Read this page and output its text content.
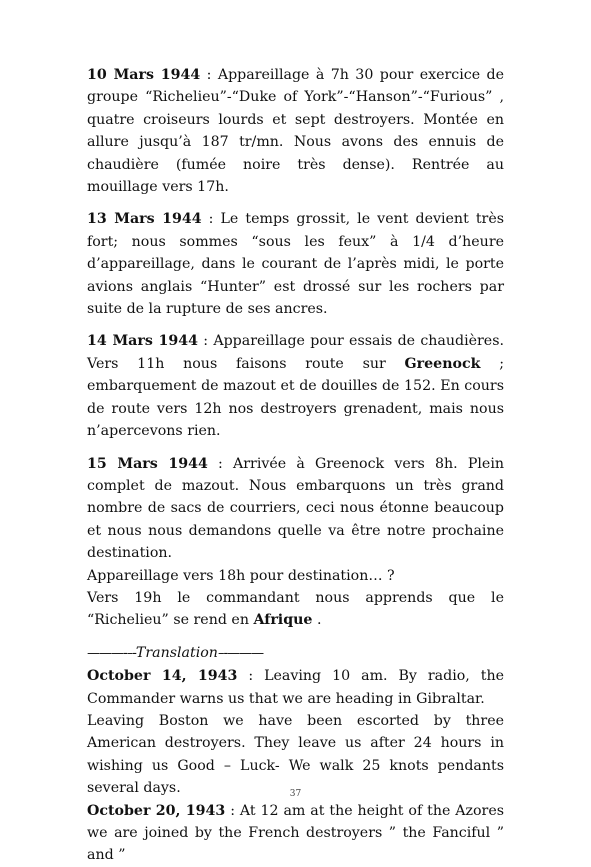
10 Mars 1944 : Appareillage à 7h 30 pour exercice de groupe “Richelieu”-“Duke of York”-“Hanson”-“Furious” , quatre croiseurs lourds et sept destroyers. Montée en allure jusqu’à 187 tr/mn. Nous avons des ennuis de chaudière (fumée noire très dense). Rentrée au mouillage vers 17h.

13 Mars 1944 : Le temps grossit, le vent devient très fort; nous sommes “sous les feux” à 1/4 d’heure d’appareillage, dans le courant de l’après midi, le porte avions anglais “Hunter” est drossé sur les rochers par suite de la rupture de ses ancres.

14 Mars 1944 : Appareillage pour essais de chaudières. Vers 11h nous faisons route sur Greenock ; embarquement de mazout et de douilles de 152. En cours de route vers 12h nos destroyers grenadent, mais nous n’apercevons rien.

15 Mars 1944 : Arrivée à Greenock vers 8h. Plein complet de mazout. Nous embarquons un très grand nombre de sacs de courriers, ceci nous étonne beaucoup et nous nous demandons quelle va être notre prochaine destination.

Appareillage vers 18h pour destination… ?

Vers 19h le commandant nous apprends que le “Richelieu” se rend en Afrique .

———-–-Translation–-———

October 14, 1943 : Leaving 10 am. By radio, the Commander warns us that we are heading in Gibraltar.

Leaving Boston we have been escorted by three American destroyers. They leave us after 24 hours in wishing us Good – Luck- We walk 25 knots pendants several days.

October 20, 1943 : At 12 am at the height of the Azores we are joined by the French destroyers ” the Fanciful ” and ”

37
